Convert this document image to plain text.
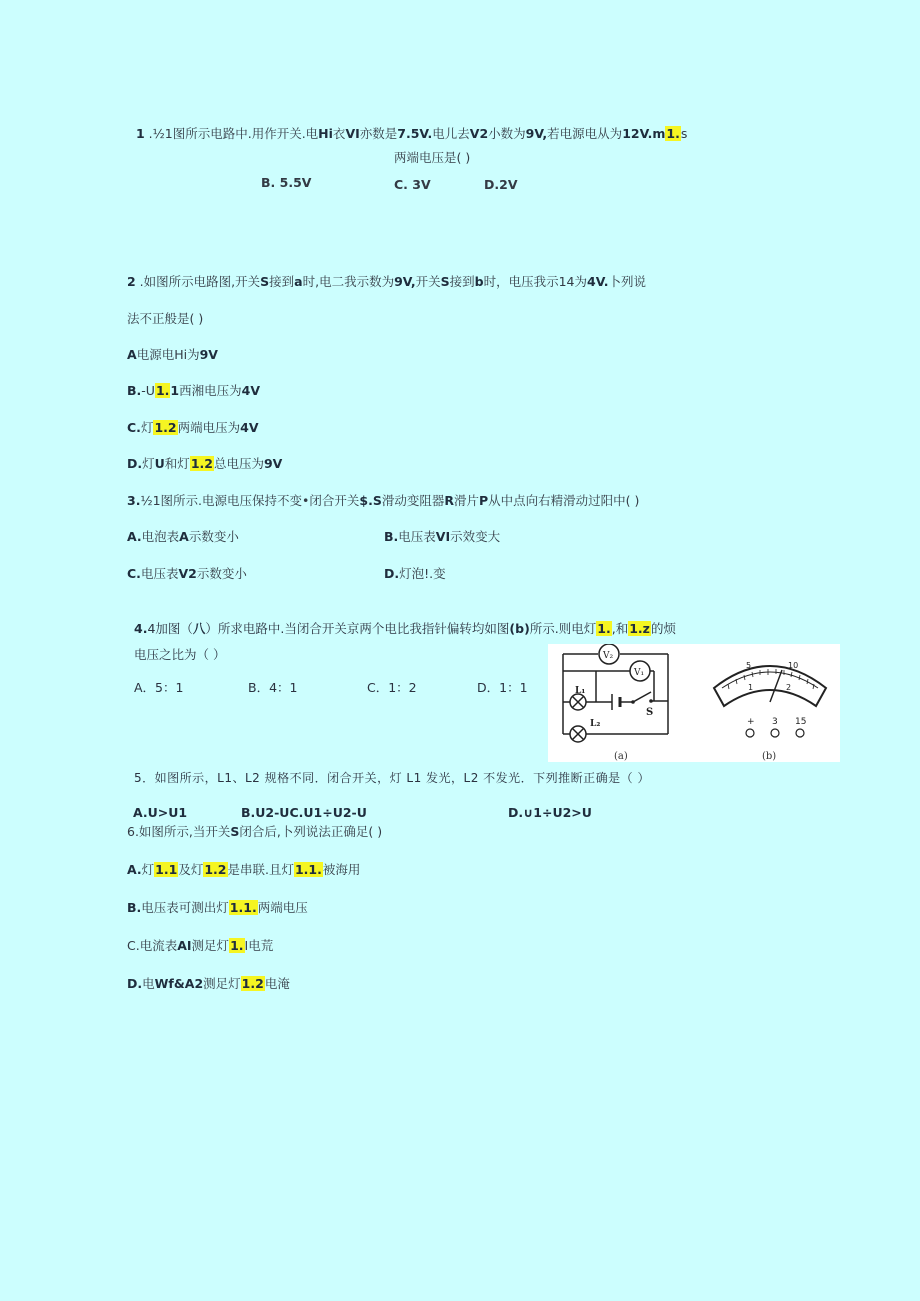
1 .½1图所示电路中.用作开关.电Hi衣VI亦数是7.5V.电儿去V2小数为9V,若电源电从为12V.m1.s
两端电压是( )
B. 5.5V	C. 3V	D.2V
2 .如图所示电路图,开关S接到a时,电二我示数为9V,开关S接到b时，电压我示14为4V.卜列说
法不正般是( )
A电源电Hi为9V
B.-U1.1西湘电压为4V
C.灯1.2两端电压为4V
D.灯U和灯1.2总电压为9V
3.½1图所示.电源电压保持不变•闭合开关$.S滑动变阻器R滑片P从中点向右精滑动过阳中( )
A.电泡表A示数变小	B.电压表VI示效变大
C.电压表V2示数变小	D.灯泡!.变
4.4加图（八）所求电路中.当闭合开关京两个电比我指针偏转均如图(b)所示.则电灯1.,和1.z的烦
电压之比为（ ）
A．5：1	B．4：1	C．1：2	D．1：1
V₂
V₁
L₁
L₂
S
(a)
5	10
1	2
+ 3 15
(b)
5．如图所示，L1、L2 规格不同．闭合开关，灯 L1 发光，L2 不发光．下列推断正确是（ ）
A.U>U1	B.U2-UC.U1÷U2-U	D.∪1÷U2>U
6.如图所示,当开关S闭合后,卜列说法正确足( )
A.灯1.1及灯1.2是串联.且灯1.1.被海用
B.电压表可测出灯1.1.两端电压
C.电流表AI测足灯1.I电荒
D.电Wf&A2测足灯1.2电淹
